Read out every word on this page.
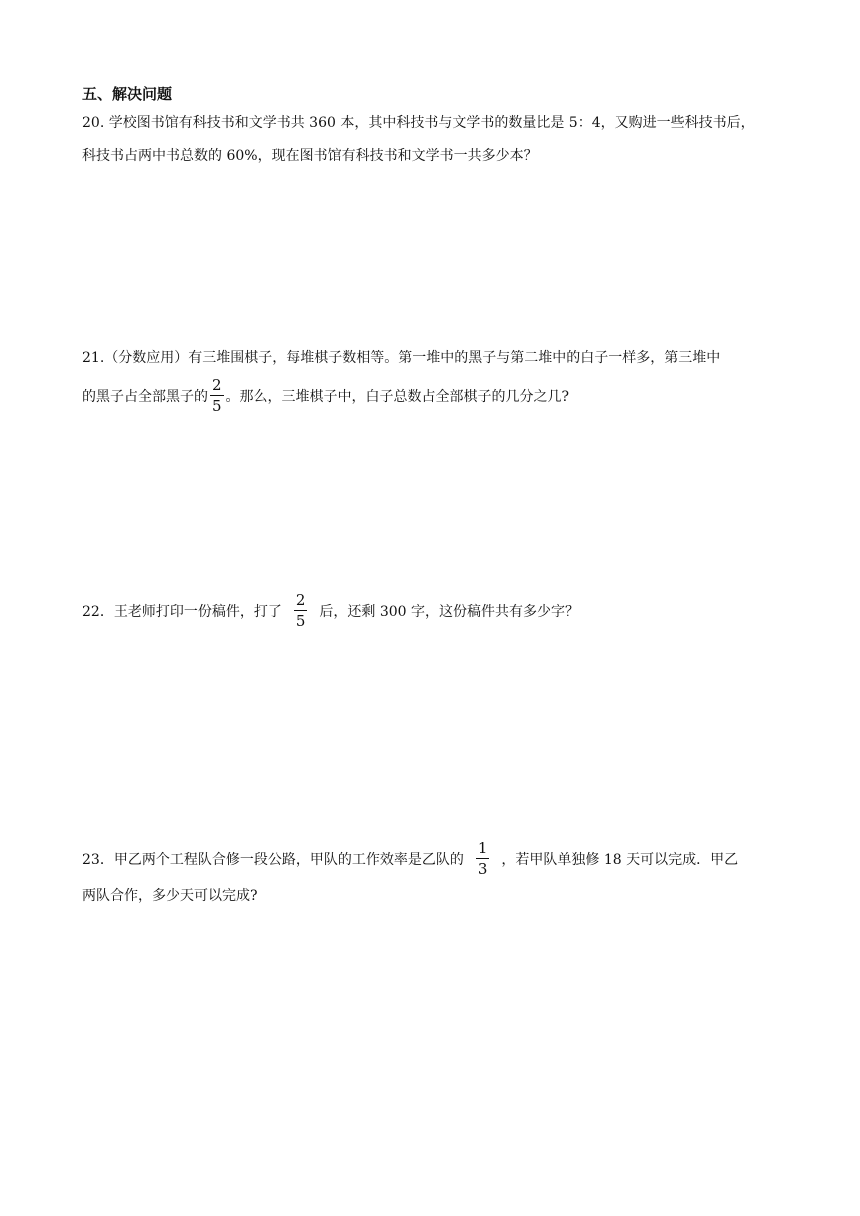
五、解决问题
20. 学校图书馆有科技书和文学书共 360 本，其中科技书与文学书的数量比是 5：4，又购进一些科技书后，
科技书占两中书总数的 60%，现在图书馆有科技书和文学书一共多少本？
21.（分数应用）有三堆围棋子，每堆棋子数相等。第一堆中的黑子与第二堆中的白子一样多，第三堆中
的黑子占全部黑子的 $\frac{2}{5}$ 。那么，三堆棋子中，白子总数占全部棋子的几分之几?
22．王老师打印一份稿件，打了 $\frac{2}{5}$ 后，还剩 300 字，这份稿件共有多少字？
23．甲乙两个工程队合修一段公路，甲队的工作效率是乙队的 $\frac{1}{3}$ ，若甲队单独修 18 天可以完成．甲乙
两队合作，多少天可以完成?
